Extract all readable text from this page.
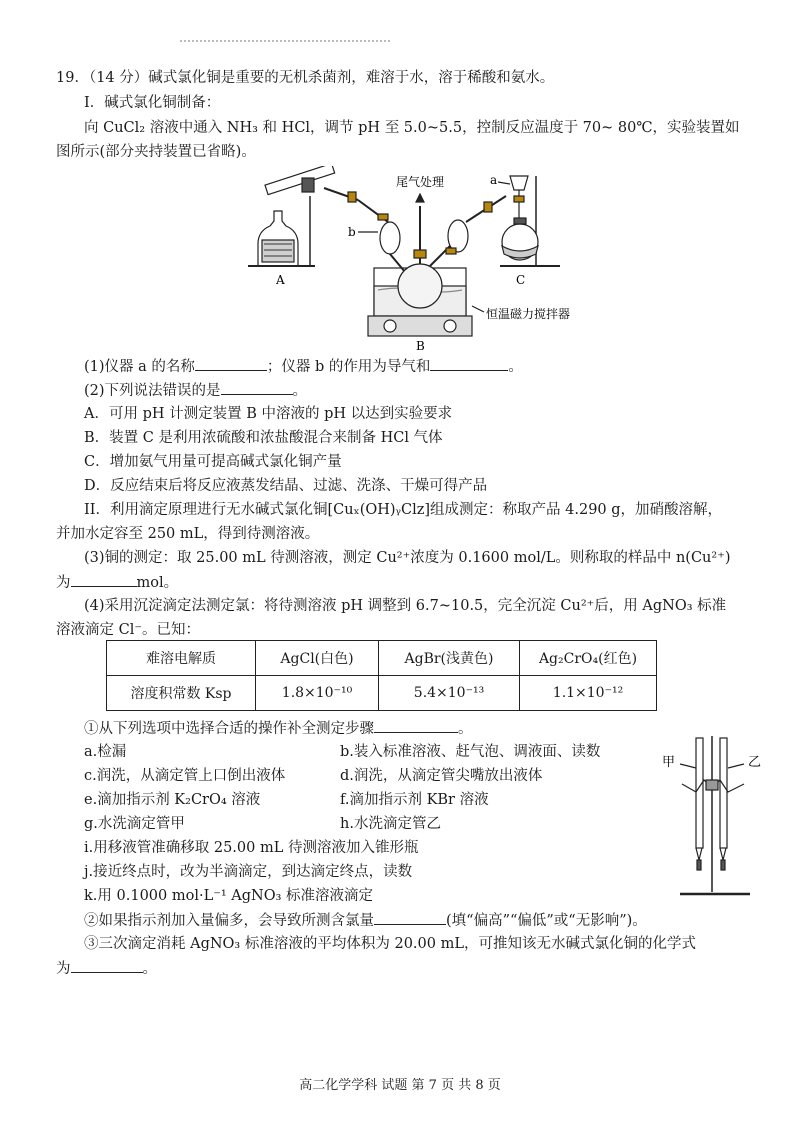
19．（14 分）碱式氯化铜是重要的无机杀菌剂，难溶于水，溶于稀酸和氨水。
I．碱式氯化铜制备：
向 CuCl₂ 溶液中通入 NH₃ 和 HCl，调节 pH 至 5.0~5.5，控制反应温度于 70~ 80℃，实验装置如
图所示(部分夹持装置已省略)。
A
B
C
a
b
尾气处理
恒温磁力搅拌器
(1)仪器 a 的名称	；仪器 b 的作用为导气和	。
(2)下列说法错误的是	。
A．可用 pH 计测定装置 B 中溶液的 pH 以达到实验要求
B．装置 C 是利用浓硫酸和浓盐酸混合来制备 HCl 气体
C．增加氨气用量可提高碱式氯化铜产量
D．反应结束后将反应液蒸发结晶、过滤、洗涤、干燥可得产品
II．利用滴定原理进行无水碱式氯化铜[Cuₓ(OH)ᵧClz]组成测定：称取产品 4.290 g，加硝酸溶解，
并加水定容至 250 mL，得到待测溶液。
(3)铜的测定：取 25.00 mL 待测溶液，测定 Cu²⁺浓度为 0.1600 mol/L。则称取的样品中 n(Cu²⁺)
为	mol。
(4)采用沉淀滴定法测定氯：将待测溶液 pH 调整到 6.7~10.5，完全沉淀 Cu²⁺后，用 AgNO₃ 标准
溶液滴定 Cl⁻。已知：
难溶电解质	AgCl(白色)	AgBr(浅黄色)	Ag₂CrO₄(红色)
溶度积常数 Ksp	1.8×10⁻¹⁰	5.4×10⁻¹³	1.1×10⁻¹²
①从下列选项中选择合适的操作补全测定步骤	。
a.检漏	b.装入标准溶液、赶气泡、调液面、读数
c.润洗，从滴定管上口倒出液体	d.润洗，从滴定管尖嘴放出液体
e.滴加指示剂 K₂CrO₄ 溶液	f.滴加指示剂 KBr 溶液
g.水洗滴定管甲	h.水洗滴定管乙
i.用移液管准确移取 25.00 mL 待测溶液加入锥形瓶
j.接近终点时，改为半滴滴定，到达滴定终点，读数
k.用 0.1000 mol·L⁻¹ AgNO₃ 标准溶液滴定
甲	乙
②如果指示剂加入量偏多，会导致所测含氯量	(填“偏高”“偏低”或“无影响”)。
③三次滴定消耗 AgNO₃ 标准溶液的平均体积为 20.00 mL，可推知该无水碱式氯化铜的化学式
为	。
高二化学学科 试题 第 7 页 共 8 页
